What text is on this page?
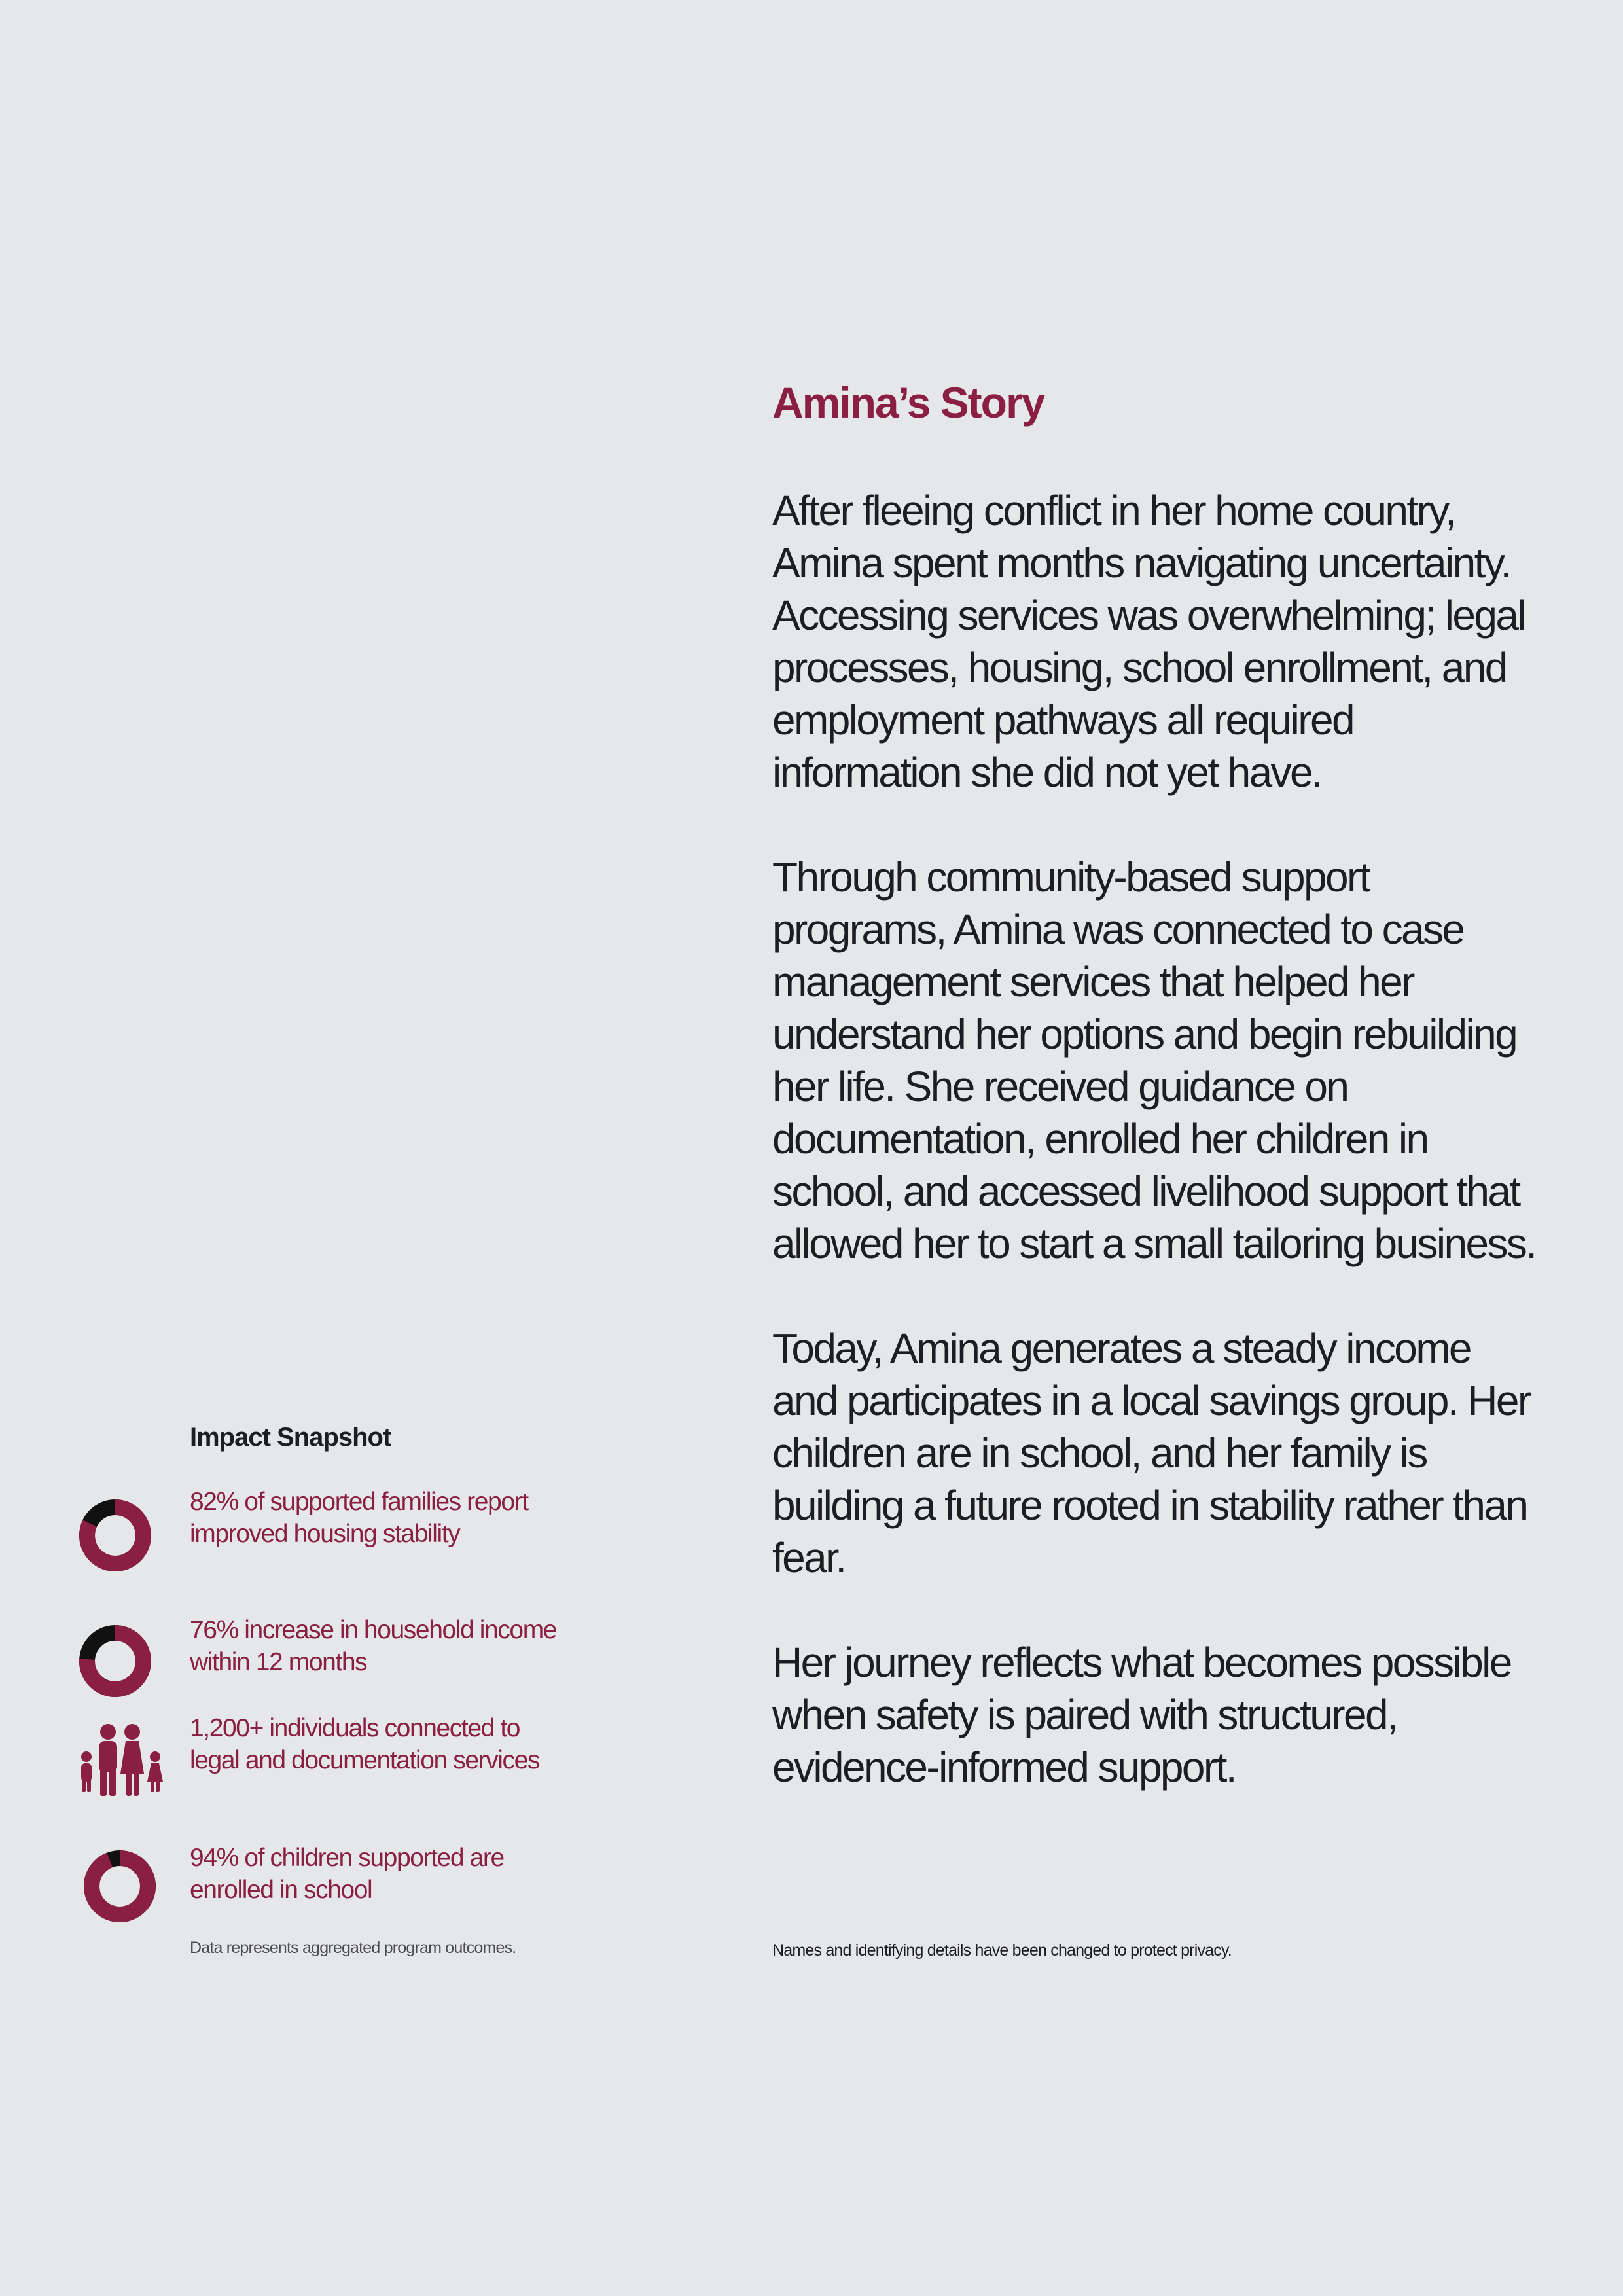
Amina’s Story

After fleeing conflict in her home country, Amina spent months navigating uncertainty. Accessing services was overwhelming; legal processes, housing, school enrollment, and employment pathways all required information she did not yet have.

Through community-based support programs, Amina was connected to case management services that helped her understand her options and begin rebuilding her life. She received guidance on documentation, enrolled her children in school, and accessed livelihood support that allowed her to start a small tailoring business.

Today, Amina generates a steady income and participates in a local savings group. Her children are in school, and her family is building a future rooted in stability rather than fear.

Her journey reflects what becomes possible when safety is paired with structured, evidence-informed support.

Names and identifying details have been changed to protect privacy.
Impact Snapshot
82% of supported families report improved housing stability
76% increase in household income within 12 months
1,200+ individuals connected to legal and documentation services
94% of children supported are enrolled in school
Data represents aggregated program outcomes.
